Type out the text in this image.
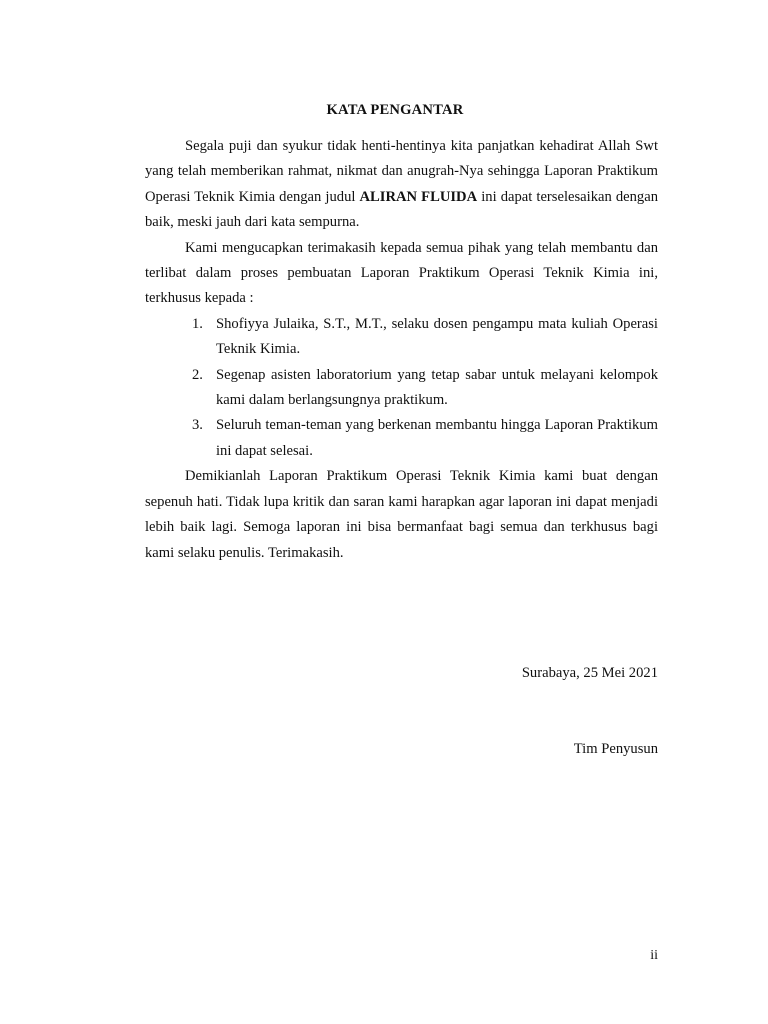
KATA PENGANTAR

Segala puji dan syukur tidak henti-hentinya kita panjatkan kehadirat Allah Swt yang telah memberikan rahmat, nikmat dan anugrah-Nya sehingga Laporan Praktikum Operasi Teknik Kimia dengan judul ALIRAN FLUIDA ini dapat terselesaikan dengan baik, meski jauh dari kata sempurna.

Kami mengucapkan terimakasih kepada semua pihak yang telah membantu dan terlibat dalam proses pembuatan Laporan Praktikum Operasi Teknik Kimia ini, terkhusus kepada :

1. Shofiyya Julaika, S.T., M.T., selaku dosen pengampu mata kuliah Operasi Teknik Kimia.
2. Segenap asisten laboratorium yang tetap sabar untuk melayani kelompok kami dalam berlangsungnya praktikum.
3. Seluruh teman-teman yang berkenan membantu hingga Laporan Praktikum ini dapat selesai.

Demikianlah Laporan Praktikum Operasi Teknik Kimia kami buat dengan sepenuh hati. Tidak lupa kritik dan saran kami harapkan agar laporan ini dapat menjadi lebih baik lagi. Semoga laporan ini bisa bermanfaat bagi semua dan terkhusus bagi kami selaku penulis. Terimakasih.

Surabaya, 25 Mei 2021
Tim Penyusun
ii
